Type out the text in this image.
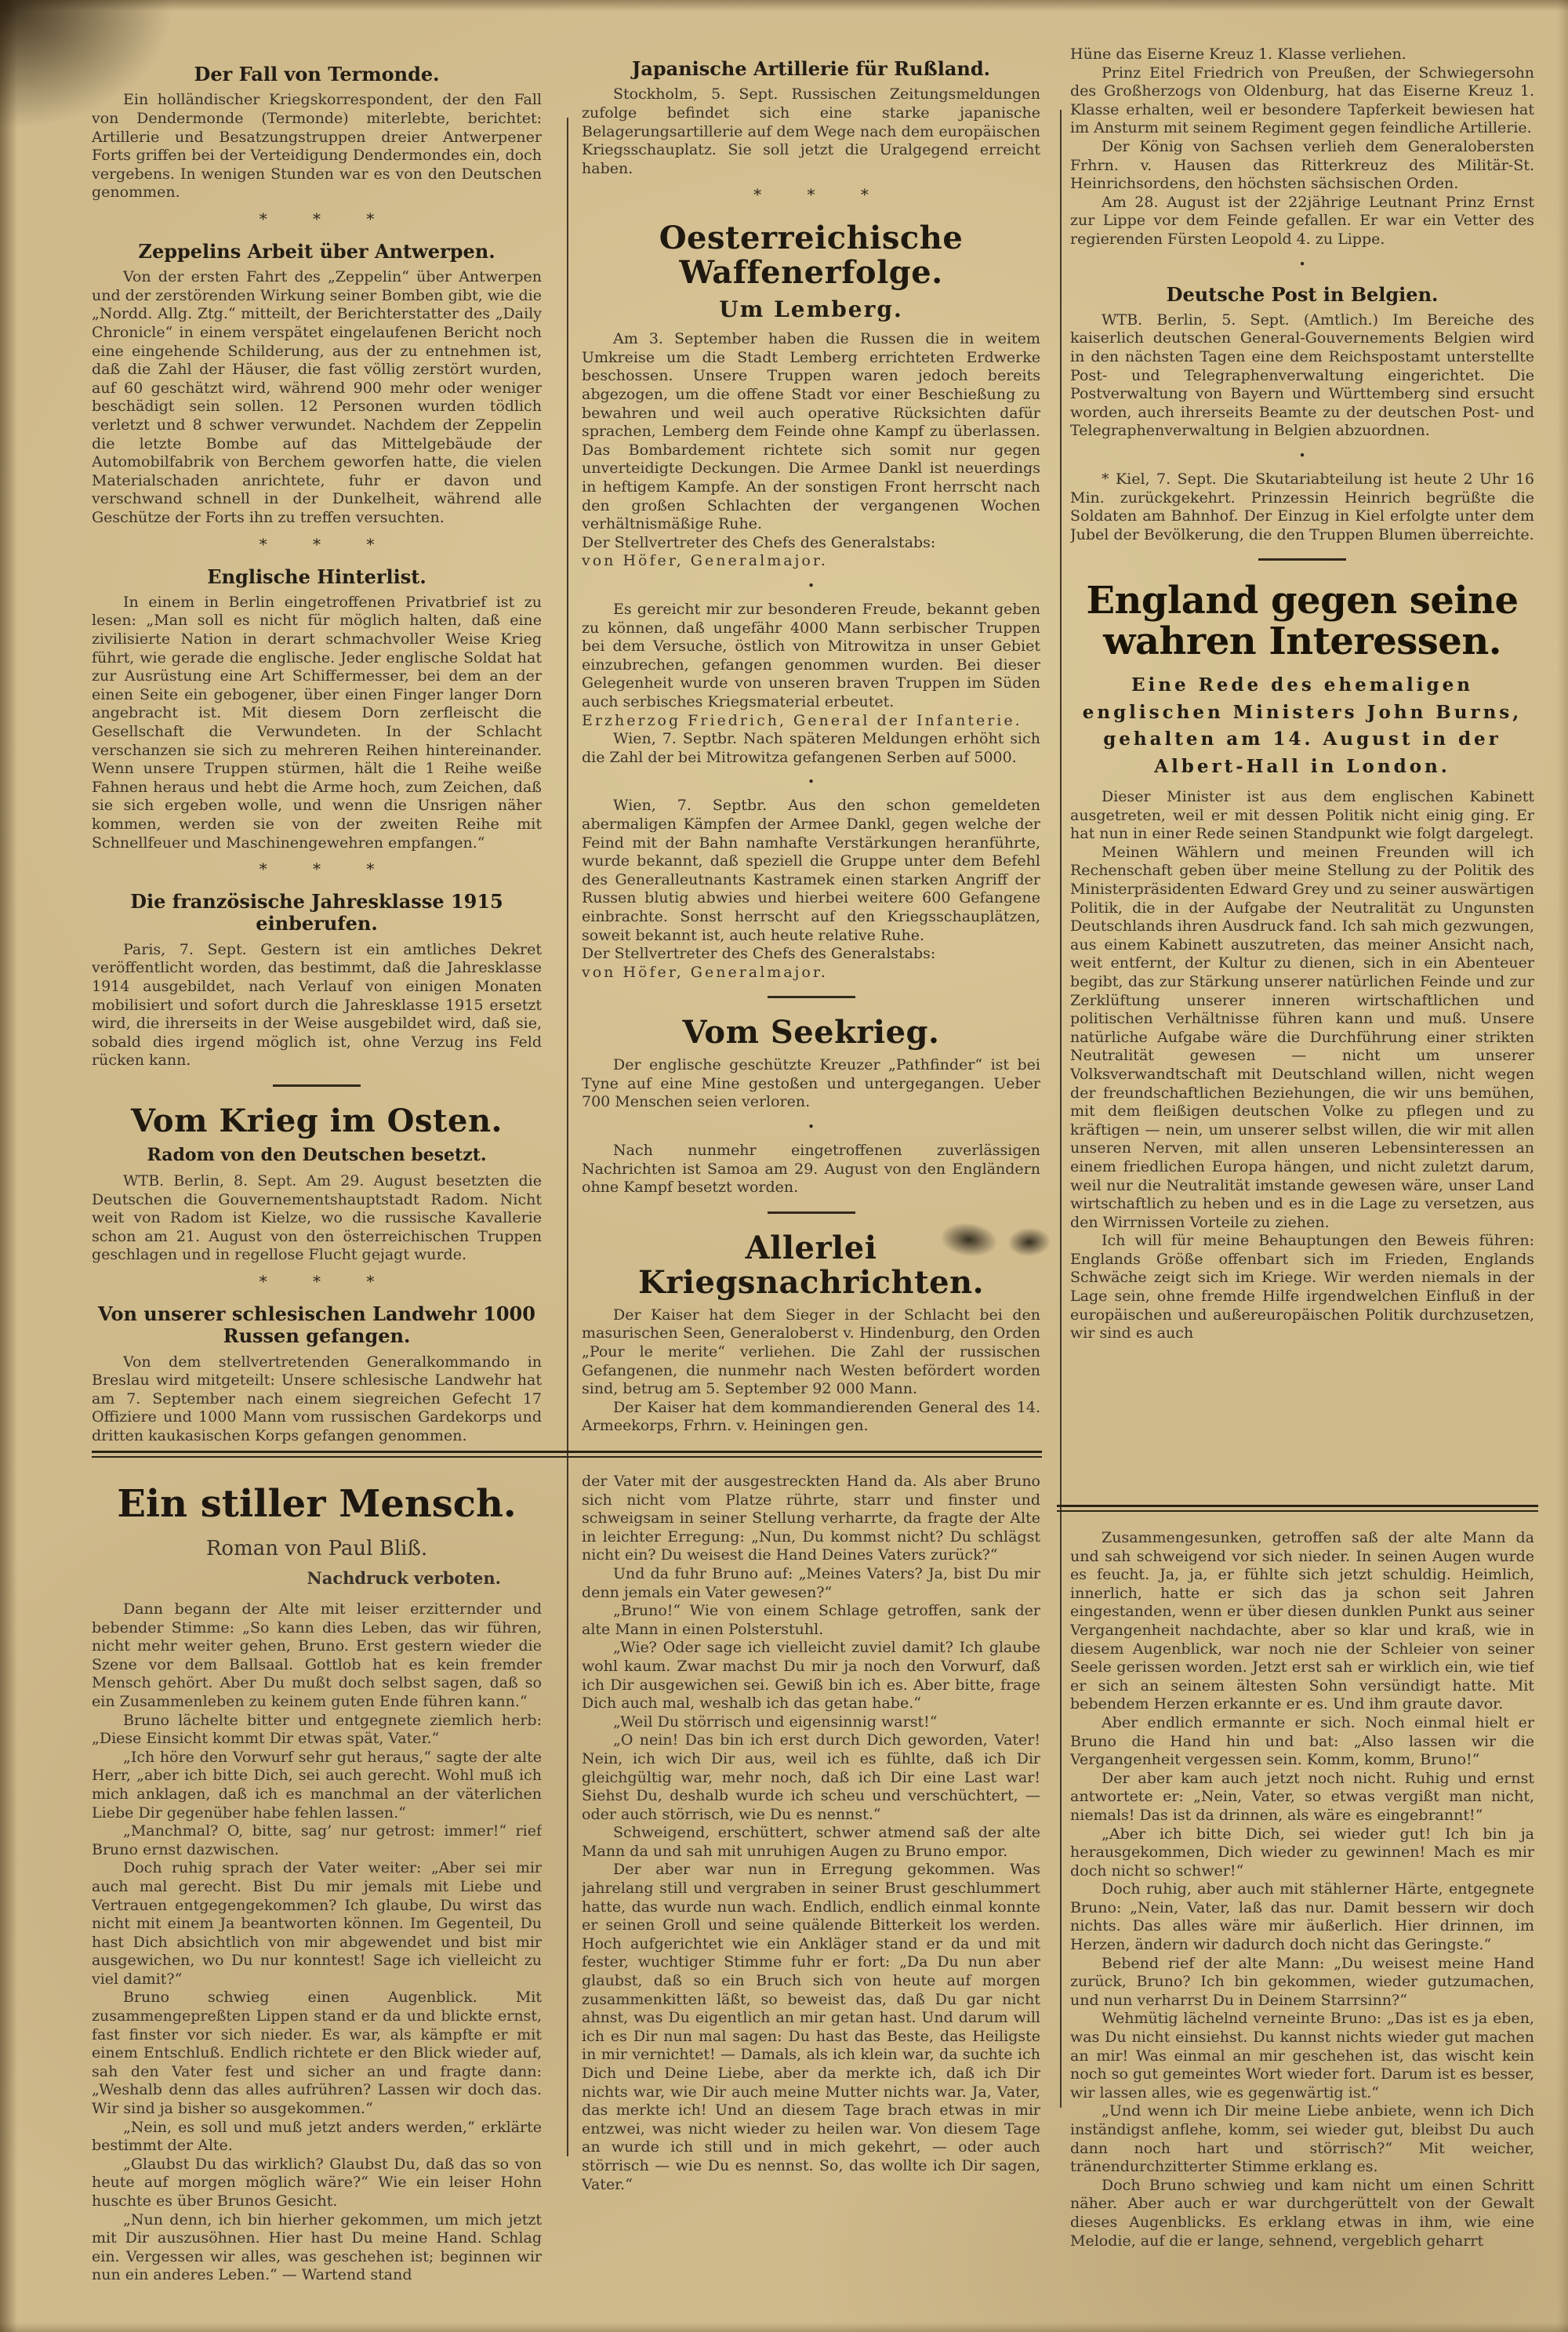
Der Fall von Termonde.

Ein holländischer Kriegskorrespondent, der den Fall von Dendermonde (Termonde) miterlebte, berichtet: Artillerie und Besatzungstruppen dreier Antwerpener Forts griffen bei der Verteidigung Dendermondes ein, doch vergebens. In wenigen Stunden war es von den Deutschen genommen.

* * *
Zeppelins Arbeit über Antwerpen.

Von der ersten Fahrt des „Zeppelin“ über Antwerpen und der zerstörenden Wirkung seiner Bomben gibt, wie die „Nordd. Allg. Ztg.“ mitteilt, der Berichterstatter des „Daily Chronicle“ in einem verspätet eingelaufenen Bericht noch eine eingehende Schilderung, aus der zu entnehmen ist, daß die Zahl der Häuser, die fast völlig zerstört wurden, auf 60 geschätzt wird, während 900 mehr oder weniger beschädigt sein sollen. 12 Personen wurden tödlich verletzt und 8 schwer verwundet. Nachdem der Zeppelin die letzte Bombe auf das Mittelgebäude der Automobilfabrik von Berchem geworfen hatte, die vielen Materialschaden anrichtete, fuhr er davon und verschwand schnell in der Dunkelheit, während alle Geschütze der Forts ihn zu treffen versuchten.

* * *
Englische Hinterlist.

In einem in Berlin eingetroffenen Privatbrief ist zu lesen: „Man soll es nicht für möglich halten, daß eine zivilisierte Nation in derart schmachvoller Weise Krieg führt, wie gerade die englische. Jeder englische Soldat hat zur Ausrüstung eine Art Schiffermesser, bei dem an der einen Seite ein gebogener, über einen Finger langer Dorn angebracht ist. Mit diesem Dorn zerfleischt die Gesellschaft die Verwundeten. In der Schlacht verschanzen sie sich zu mehreren Reihen hintereinander. Wenn unsere Truppen stürmen, hält die 1 Reihe weiße Fahnen heraus und hebt die Arme hoch, zum Zeichen, daß sie sich ergeben wolle, und wenn die Unsrigen näher kommen, werden sie von der zweiten Reihe mit Schnellfeuer und Maschinengewehren empfangen.“

* * *
Die französische Jahresklasse 1915 einberufen.

Paris, 7. Sept. Gestern ist ein amtliches Dekret veröffentlicht worden, das bestimmt, daß die Jahresklasse 1914 ausgebildet, nach Verlauf von einigen Monaten mobilisiert und sofort durch die Jahresklasse 1915 ersetzt wird, die ihrerseits in der Weise ausgebildet wird, daß sie, sobald dies irgend möglich ist, ohne Verzug ins Feld rücken kann.

Vom Krieg im Osten.
Radom von den Deutschen besetzt.

WTB. Berlin, 8. Sept. Am 29. August besetzten die Deutschen die Gouvernementshauptstadt Radom. Nicht weit von Radom ist Kielze, wo die russische Kavallerie schon am 21. August von den österreichischen Truppen geschlagen und in regellose Flucht gejagt wurde.

* * *
Von unserer schlesischen Landwehr 1000 Russen gefangen.

Von dem stellvertretenden Generalkommando in Breslau wird mitgeteilt: Unsere schlesische Landwehr hat am 7. September nach einem siegreichen Gefecht 17 Offiziere und 1000 Mann vom russischen Gardekorps und dritten kaukasischen Korps gefangen genommen.

Japanische Artillerie für Rußland.

Stockholm, 5. Sept. Russischen Zeitungsmeldungen zufolge befindet sich eine starke japanische Belagerungsartillerie auf dem Wege nach dem europäischen Kriegsschauplatz. Sie soll jetzt die Uralgegend erreicht haben.

* * *
Oesterreichische Waffenerfolge.
Um Lemberg.

Am 3. September haben die Russen die in weitem Umkreise um die Stadt Lemberg errichteten Erdwerke beschossen. Unsere Truppen waren jedoch bereits abgezogen, um die offene Stadt vor einer Beschießung zu bewahren und weil auch operative Rücksichten dafür sprachen, Lemberg dem Feinde ohne Kampf zu überlassen. Das Bombardement richtete sich somit nur gegen unverteidigte Deckungen. Die Armee Dankl ist neuerdings in heftigem Kampfe. An der sonstigen Front herrscht nach den großen Schlachten der vergangenen Wochen verhältnismäßige Ruhe.

Der Stellvertreter des Chefs des Generalstabs:

von Höfer, Generalmajor.

•

Es gereicht mir zur besonderen Freude, bekannt geben zu können, daß ungefähr 4000 Mann serbischer Truppen bei dem Versuche, östlich von Mitrowitza in unser Gebiet einzubrechen, gefangen genommen wurden. Bei dieser Gelegenheit wurde von unseren braven Truppen im Süden auch serbisches Kriegsmaterial erbeutet.

Erzherzog Friedrich, General der Infanterie.

Wien, 7. Septbr. Nach späteren Meldungen erhöht sich die Zahl der bei Mitrowitza gefangenen Serben auf 5000.

•

Wien, 7. Septbr. Aus den schon gemeldeten abermaligen Kämpfen der Armee Dankl, gegen welche der Feind mit der Bahn namhafte Verstärkungen heranführte, wurde bekannt, daß speziell die Gruppe unter dem Befehl des Generalleutnants Kastramek einen starken Angriff der Russen blutig abwies und hierbei weitere 600 Gefangene einbrachte. Sonst herrscht auf den Kriegsschauplätzen, soweit bekannt ist, auch heute relative Ruhe.

Der Stellvertreter des Chefs des Generalstabs:

von Höfer, Generalmajor.

Vom Seekrieg.

Der englische geschützte Kreuzer „Pathfinder“ ist bei Tyne auf eine Mine gestoßen und untergegangen. Ueber 700 Menschen seien verloren.

•

Nach nunmehr eingetroffenen zuverlässigen Nachrichten ist Samoa am 29. August von den Engländern ohne Kampf besetzt worden.

Allerlei Kriegsnachrichten.

Der Kaiser hat dem Sieger in der Schlacht bei den masurischen Seen, Generaloberst v. Hindenburg, den Orden „Pour le merite“ verliehen. Die Zahl der russischen Gefangenen, die nunmehr nach Westen befördert worden sind, betrug am 5. September 92 000 Mann.

Der Kaiser hat dem kommandierenden General des 14. Armeekorps, Frhrn. v. Heiningen gen.

Hüne das Eiserne Kreuz 1. Klasse verliehen.

Prinz Eitel Friedrich von Preußen, der Schwiegersohn des Großherzogs von Oldenburg, hat das Eiserne Kreuz 1. Klasse erhalten, weil er besondere Tapferkeit bewiesen hat im Ansturm mit seinem Regiment gegen feindliche Artillerie.

Der König von Sachsen verlieh dem Generalobersten Frhrn. v. Hausen das Ritterkreuz des Militär-St. Heinrichsordens, den höchsten sächsischen Orden.

Am 28. August ist der 22jährige Leutnant Prinz Ernst zur Lippe vor dem Feinde gefallen. Er war ein Vetter des regierenden Fürsten Leopold 4. zu Lippe.

•
Deutsche Post in Belgien.

WTB. Berlin, 5. Sept. (Amtlich.) Im Bereiche des kaiserlich deutschen General-Gouvernements Belgien wird in den nächsten Tagen eine dem Reichspostamt unterstellte Post- und Telegraphenverwaltung eingerichtet. Die Postverwaltung von Bayern und Württemberg sind ersucht worden, auch ihrerseits Beamte zu der deutschen Post- und Telegraphenverwaltung in Belgien abzuordnen.

•

* Kiel, 7. Sept. Die Skutariabteilung ist heute 2 Uhr 16 Min. zurückgekehrt. Prinzessin Heinrich begrüßte die Soldaten am Bahnhof. Der Einzug in Kiel erfolgte unter dem Jubel der Bevölkerung, die den Truppen Blumen überreichte.

England gegen seine wahren Interessen.
Eine Rede des ehemaligen englischen Ministers John Burns, gehalten am 14. August in der Albert-Hall in London.

Dieser Minister ist aus dem englischen Kabinett ausgetreten, weil er mit dessen Politik nicht einig ging. Er hat nun in einer Rede seinen Standpunkt wie folgt dargelegt.

Meinen Wählern und meinen Freunden will ich Rechenschaft geben über meine Stellung zu der Politik des Ministerpräsidenten Edward Grey und zu seiner auswärtigen Politik, die in der Aufgabe der Neutralität zu Ungunsten Deutschlands ihren Ausdruck fand. Ich sah mich gezwungen, aus einem Kabinett auszutreten, das meiner Ansicht nach, weit entfernt, der Kultur zu dienen, sich in ein Abenteuer begibt, das zur Stärkung unserer natürlichen Feinde und zur Zerklüftung unserer inneren wirtschaftlichen und politischen Verhältnisse führen kann und muß. Unsere natürliche Aufgabe wäre die Durchführung einer strikten Neutralität gewesen — nicht um unserer Volksverwandtschaft mit Deutschland willen, nicht wegen der freundschaftlichen Beziehungen, die wir uns bemühen, mit dem fleißigen deutschen Volke zu pflegen und zu kräftigen — nein, um unserer selbst willen, die wir mit allen unseren Nerven, mit allen unseren Lebensinteressen an einem friedlichen Europa hängen, und nicht zuletzt darum, weil nur die Neutralität imstande gewesen wäre, unser Land wirtschaftlich zu heben und es in die Lage zu versetzen, aus den Wirrnissen Vorteile zu ziehen.

Ich will für meine Behauptungen den Beweis führen: Englands Größe offenbart sich im Frieden, Englands Schwäche zeigt sich im Kriege. Wir werden niemals in der Lage sein, ohne fremde Hilfe irgendwelchen Einfluß in der europäischen und außereuropäischen Politik durchzusetzen, wir sind es auch

Ein stiller Mensch.
Roman von Paul Bliß.
Nachdruck verboten.

Dann begann der Alte mit leiser erzitternder und bebender Stimme: „So kann dies Leben, das wir führen, nicht mehr weiter gehen, Bruno. Erst gestern wieder die Szene vor dem Ballsaal. Gottlob hat es kein fremder Mensch gehört. Aber Du mußt doch selbst sagen, daß so ein Zusammenleben zu keinem guten Ende führen kann.“

Bruno lächelte bitter und entgegnete ziemlich herb: „Diese Einsicht kommt Dir etwas spät, Vater.“

„Ich höre den Vorwurf sehr gut heraus,“ sagte der alte Herr, „aber ich bitte Dich, sei auch gerecht. Wohl muß ich mich anklagen, daß ich es manchmal an der väterlichen Liebe Dir gegenüber habe fehlen lassen.“

„Manchmal? O, bitte, sag’ nur getrost: immer!“ rief Bruno ernst dazwischen.

Doch ruhig sprach der Vater weiter: „Aber sei mir auch mal gerecht. Bist Du mir jemals mit Liebe und Vertrauen entgegengekommen? Ich glaube, Du wirst das nicht mit einem Ja beantworten können. Im Gegenteil, Du hast Dich absichtlich von mir abgewendet und bist mir ausgewichen, wo Du nur konntest! Sage ich vielleicht zu viel damit?“

Bruno schwieg einen Augenblick. Mit zusammengepreßten Lippen stand er da und blickte ernst, fast finster vor sich nieder. Es war, als kämpfte er mit einem Entschluß. Endlich richtete er den Blick wieder auf, sah den Vater fest und sicher an und fragte dann: „Weshalb denn das alles aufrühren? Lassen wir doch das. Wir sind ja bisher so ausgekommen.“

„Nein, es soll und muß jetzt anders werden,“ erklärte bestimmt der Alte.

„Glaubst Du das wirklich? Glaubst Du, daß das so von heute auf morgen möglich wäre?“ Wie ein leiser Hohn huschte es über Brunos Gesicht.

„Nun denn, ich bin hierher gekommen, um mich jetzt mit Dir auszusöhnen. Hier hast Du meine Hand. Schlag ein. Vergessen wir alles, was geschehen ist; beginnen wir nun ein anderes Leben.“ — Wartend stand

der Vater mit der ausgestreckten Hand da. Als aber Bruno sich nicht vom Platze rührte, starr und finster und schweigsam in seiner Stellung verharrte, da fragte der Alte in leichter Erregung: „Nun, Du kommst nicht? Du schlägst nicht ein? Du weisest die Hand Deines Vaters zurück?“

Und da fuhr Bruno auf: „Meines Vaters? Ja, bist Du mir denn jemals ein Vater gewesen?“

„Bruno!“ Wie von einem Schlage getroffen, sank der alte Mann in einen Polsterstuhl.

„Wie? Oder sage ich vielleicht zuviel damit? Ich glaube wohl kaum. Zwar machst Du mir ja noch den Vorwurf, daß ich Dir ausgewichen sei. Gewiß bin ich es. Aber bitte, frage Dich auch mal, weshalb ich das getan habe.“

„Weil Du störrisch und eigensinnig warst!“

„O nein! Das bin ich erst durch Dich geworden, Vater! Nein, ich wich Dir aus, weil ich es fühlte, daß ich Dir gleichgültig war, mehr noch, daß ich Dir eine Last war! Siehst Du, deshalb wurde ich scheu und verschüchtert, — oder auch störrisch, wie Du es nennst.“

Schweigend, erschüttert, schwer atmend saß der alte Mann da und sah mit unruhigen Augen zu Bruno empor.

Der aber war nun in Erregung gekommen. Was jahrelang still und vergraben in seiner Brust geschlummert hatte, das wurde nun wach. Endlich, endlich einmal konnte er seinen Groll und seine quälende Bitterkeit los werden. Hoch aufgerichtet wie ein Ankläger stand er da und mit fester, wuchtiger Stimme fuhr er fort: „Da Du nun aber glaubst, daß so ein Bruch sich von heute auf morgen zusammenkitten läßt, so beweist das, daß Du gar nicht ahnst, was Du eigentlich an mir getan hast. Und darum will ich es Dir nun mal sagen: Du hast das Beste, das Heiligste in mir vernichtet! — Damals, als ich klein war, da suchte ich Dich und Deine Liebe, aber da merkte ich, daß ich Dir nichts war, wie Dir auch meine Mutter nichts war. Ja, Vater, das merkte ich! Und an diesem Tage brach etwas in mir entzwei, was nicht wieder zu heilen war. Von diesem Tage an wurde ich still und in mich gekehrt, — oder auch störrisch — wie Du es nennst. So, das wollte ich Dir sagen, Vater.“

Zusammengesunken, getroffen saß der alte Mann da und sah schweigend vor sich nieder. In seinen Augen wurde es feucht. Ja, ja, er fühlte sich jetzt schuldig. Heimlich, innerlich, hatte er sich das ja schon seit Jahren eingestanden, wenn er über diesen dunklen Punkt aus seiner Vergangenheit nachdachte, aber so klar und kraß, wie in diesem Augenblick, war noch nie der Schleier von seiner Seele gerissen worden. Jetzt erst sah er wirklich ein, wie tief er sich an seinem ältesten Sohn versündigt hatte. Mit bebendem Herzen erkannte er es. Und ihm graute davor.

Aber endlich ermannte er sich. Noch einmal hielt er Bruno die Hand hin und bat: „Also lassen wir die Vergangenheit vergessen sein. Komm, komm, Bruno!“

Der aber kam auch jetzt noch nicht. Ruhig und ernst antwortete er: „Nein, Vater, so etwas vergißt man nicht, niemals! Das ist da drinnen, als wäre es eingebrannt!“

„Aber ich bitte Dich, sei wieder gut! Ich bin ja herausgekommen, Dich wieder zu gewinnen! Mach es mir doch nicht so schwer!“

Doch ruhig, aber auch mit stählerner Härte, entgegnete Bruno: „Nein, Vater, laß das nur. Damit bessern wir doch nichts. Das alles wäre mir äußerlich. Hier drinnen, im Herzen, ändern wir dadurch doch nicht das Geringste.“

Bebend rief der alte Mann: „Du weisest meine Hand zurück, Bruno? Ich bin gekommen, wieder gutzumachen, und nun verharrst Du in Deinem Starrsinn?“

Wehmütig lächelnd verneinte Bruno: „Das ist es ja eben, was Du nicht einsiehst. Du kannst nichts wieder gut machen an mir! Was einmal an mir geschehen ist, das wischt kein noch so gut gemeintes Wort wieder fort. Darum ist es besser, wir lassen alles, wie es gegenwärtig ist.“

„Und wenn ich Dir meine Liebe anbiete, wenn ich Dich inständigst anflehe, komm, sei wieder gut, bleibst Du auch dann noch hart und störrisch?“ Mit weicher, tränendurchzitterter Stimme erklang es.

Doch Bruno schwieg und kam nicht um einen Schritt näher. Aber auch er war durchgerüttelt von der Gewalt dieses Augenblicks. Es erklang etwas in ihm, wie eine Melodie, auf die er lange, sehnend, vergeblich geharrt
